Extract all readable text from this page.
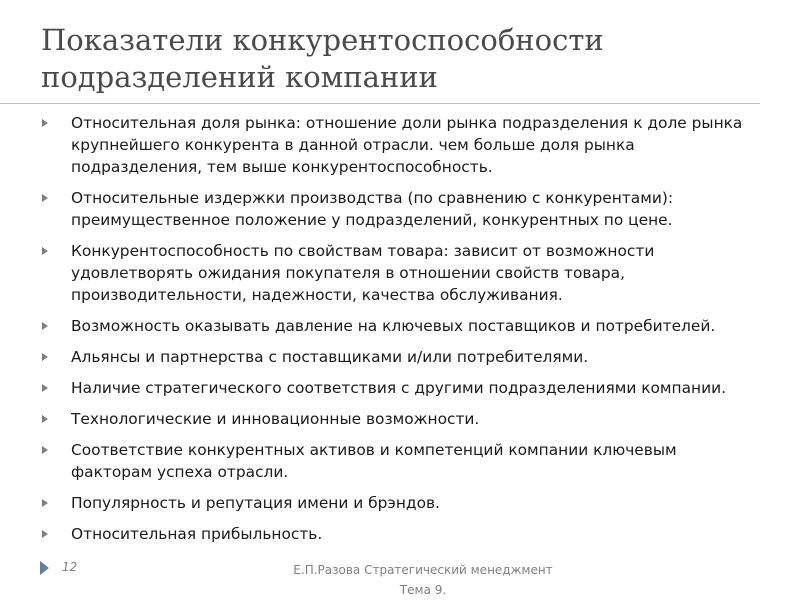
Показатели конкурентоспособности
подразделений компании
Относительная доля рынка: отношение доли рынка подразделения к доле рынка крупнейшего конкурента в данной отрасли. чем больше доля рынка подразделения, тем выше конкурентоспособность.
Относительные издержки производства (по сравнению с конкурентами): преимущественное положение у подразделений, конкурентных по цене.
Конкурентоспособность по свойствам товара: зависит от возможности удовлетворять ожидания покупателя в отношении свойств товара, производительности, надежности, качества обслуживания.
Возможность оказывать давление на ключевых поставщиков и потребителей.
Альянсы и партнерства с поставщиками и/или потребителями.
Наличие стратегического соответствия с другими подразделениями компании.
Технологические и инновационные возможности.
Соответствие конкурентных активов и компетенций компании ключевым факторам успеха отрасли.
Популярность и репутация имени и брэндов.
Относительная прибыльность.
12	Е.П.Разова Стратегический менеджмент
Тема 9.
